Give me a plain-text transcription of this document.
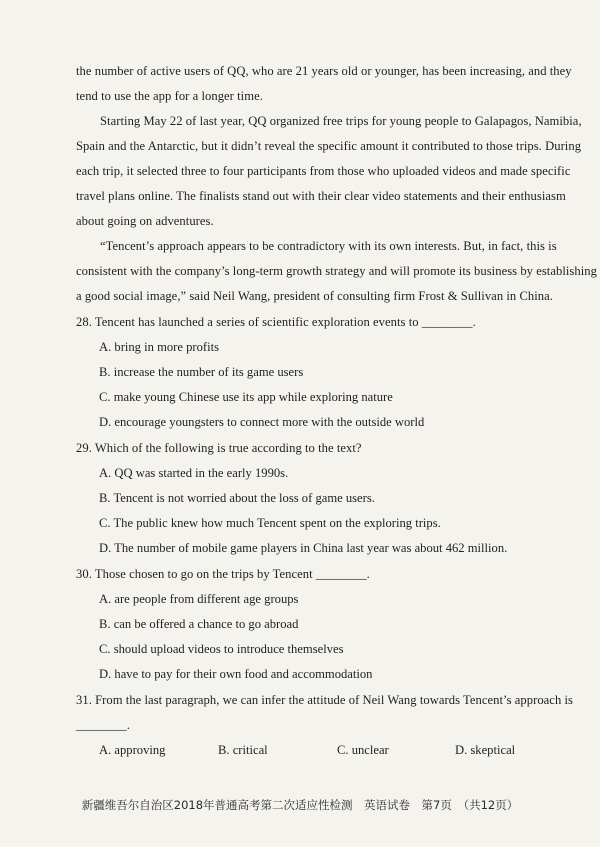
the number of active users of QQ, who are 21 years old or younger, has been increasing, and they
tend to use the app for a longer time.
Starting May 22 of last year, QQ organized free trips for young people to Galapagos, Namibia,
Spain and the Antarctic, but it didn’t reveal the specific amount it contributed to those trips. During
each trip, it selected three to four participants from those who uploaded videos and made specific
travel plans online. The finalists stand out with their clear video statements and their enthusiasm
about going on adventures.
“Tencent’s approach appears to be contradictory with its own interests. But, in fact, this is
consistent with the company’s long-term growth strategy and will promote its business by establishing
a good social image,” said Neil Wang, president of consulting firm Frost & Sullivan in China.
28. Tencent has launched a series of scientific exploration events to ________.
A. bring in more profits
B. increase the number of its game users
C. make young Chinese use its app while exploring nature
D. encourage youngsters to connect more with the outside world
29. Which of the following is true according to the text?
A. QQ was started in the early 1990s.
B. Tencent is not worried about the loss of game users.
C. The public knew how much Tencent spent on the exploring trips.
D. The number of mobile game players in China last year was about 462 million.
30. Those chosen to go on the trips by Tencent ________.
A. are people from different age groups
B. can be offered a chance to go abroad
C. should upload videos to introduce themselves
D. have to pay for their own food and accommodation
31. From the last paragraph, we can infer the attitude of Neil Wang towards Tencent’s approach is
________.
A. approving	B. critical	C. unclear	D. skeptical
新疆维吾尔自治区2018年普通高考第二次适应性检测　英语试卷　第7页　（共12页）
